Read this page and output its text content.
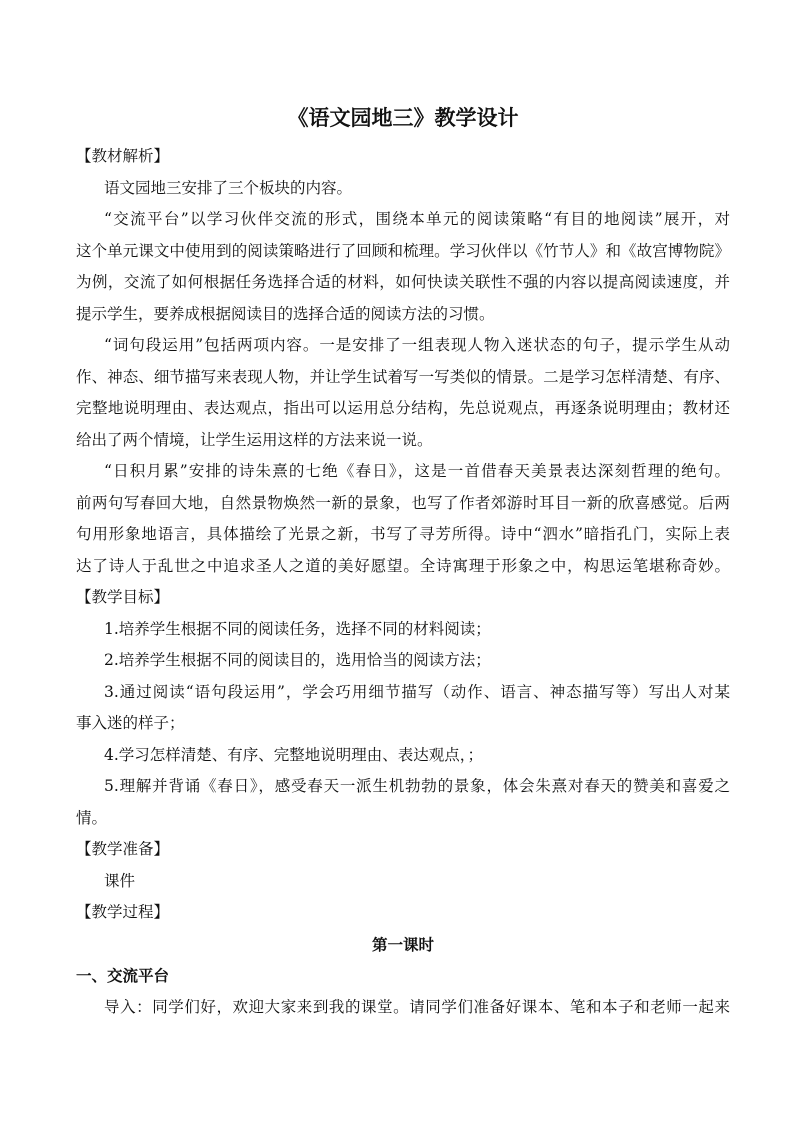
《语文园地三》教学设计
【教材解析】
语文园地三安排了三个板块的内容。
“交流平台”以学习伙伴交流的形式，围绕本单元的阅读策略“有目的地阅读”展开，对
这个单元课文中使用到的阅读策略进行了回顾和梳理。学习伙伴以《竹节人》和《故宫博物院》
为例，交流了如何根据任务选择合适的材料，如何快读关联性不强的内容以提高阅读速度，并
提示学生，要养成根据阅读目的选择合适的阅读方法的习惯。
“词句段运用”包括两项内容。一是安排了一组表现人物入迷状态的句子，提示学生从动
作、神态、细节描写来表现人物，并让学生试着写一写类似的情景。二是学习怎样清楚、有序、
完整地说明理由、表达观点，指出可以运用总分结构，先总说观点，再逐条说明理由；教材还
给出了两个情境，让学生运用这样的方法来说一说。
“日积月累”安排的诗朱熹的七绝《春日》，这是一首借春天美景表达深刻哲理的绝句。
前两句写春回大地，自然景物焕然一新的景象，也写了作者郊游时耳目一新的欣喜感觉。后两
句用形象地语言，具体描绘了光景之新，书写了寻芳所得。诗中“泗水”暗指孔门，实际上表
达了诗人于乱世之中追求圣人之道的美好愿望。全诗寓理于形象之中，构思运笔堪称奇妙。
【教学目标】
1.培养学生根据不同的阅读任务，选择不同的材料阅读；
2.培养学生根据不同的阅读目的，选用恰当的阅读方法；
3.通过阅读“语句段运用”，学会巧用细节描写（动作、语言、神态描写等）写出人对某
事入迷的样子；
4.学习怎样清楚、有序、完整地说明理由、表达观点，；
5.理解并背诵《春日》，感受春天一派生机勃勃的景象，体会朱熹对春天的赞美和喜爱之
情。
【教学准备】
课件
【教学过程】
第一课时
一、交流平台
导入：同学们好，欢迎大家来到我的课堂。请同学们准备好课本、笔和本子和老师一起来
